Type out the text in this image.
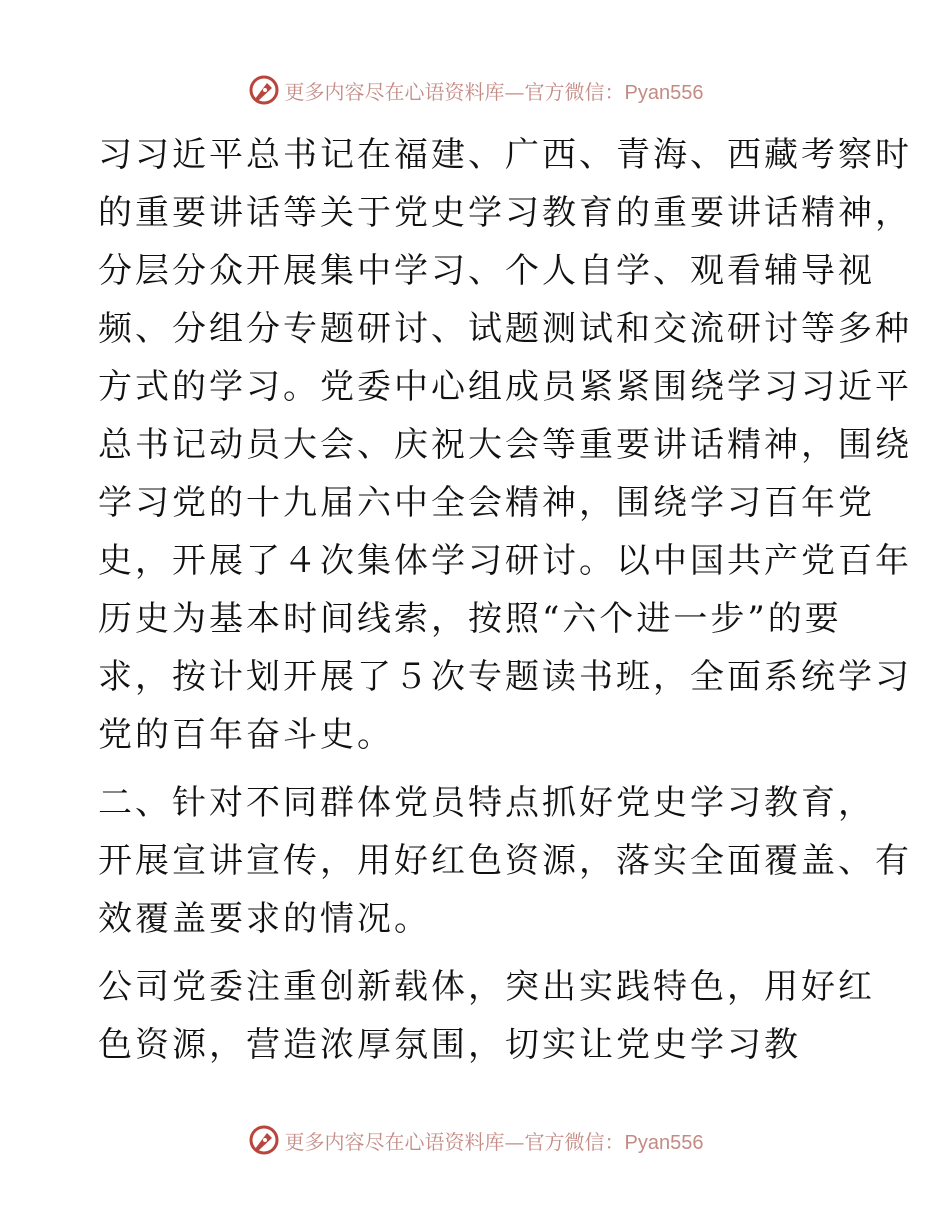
更多内容尽在心语资料库—官方微信：Pyan556

习习近平总书记在福建、广西、青海、西藏考察时
的重要讲话等关于党史学习教育的重要讲话精神，
分层分众开展集中学习、个人自学、观看辅导视
频、分组分专题研讨、试题测试和交流研讨等多种
方式的学习。党委中心组成员紧紧围绕学习习近平
总书记动员大会、庆祝大会等重要讲话精神，围绕
学习党的十九届六中全会精神，围绕学习百年党
史，开展了４次集体学习研讨。以中国共产党百年
历史为基本时间线索，按照“六个进一步”的要
求，按计划开展了５次专题读书班，全面系统学习
党的百年奋斗史。

二、针对不同群体党员特点抓好党史学习教育，
开展宣讲宣传，用好红色资源，落实全面覆盖、有
效覆盖要求的情况。

公司党委注重创新载体，突出实践特色，用好红
色资源，营造浓厚氛围，切实让党史学习教

更多内容尽在心语资料库—官方微信：Pyan556
